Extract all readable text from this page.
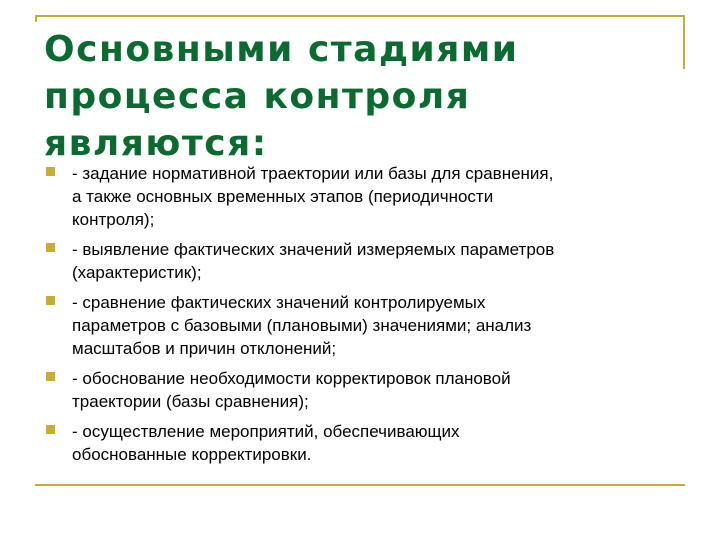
Основными стадиями
процесса контроля
являются:
- задание нормативной траектории или базы для сравнения,
а также основных временных этапов (периодичности
контроля);
- выявление фактических значений измеряемых параметров
(характеристик);
- сравнение фактических значений контролируемых
параметров с базовыми (плановыми) значениями; анализ
масштабов и причин отклонений;
- обоснование необходимости корректировок плановой
траектории (базы сравнения);
- осуществление мероприятий, обеспечивающих
обоснованные корректировки.
